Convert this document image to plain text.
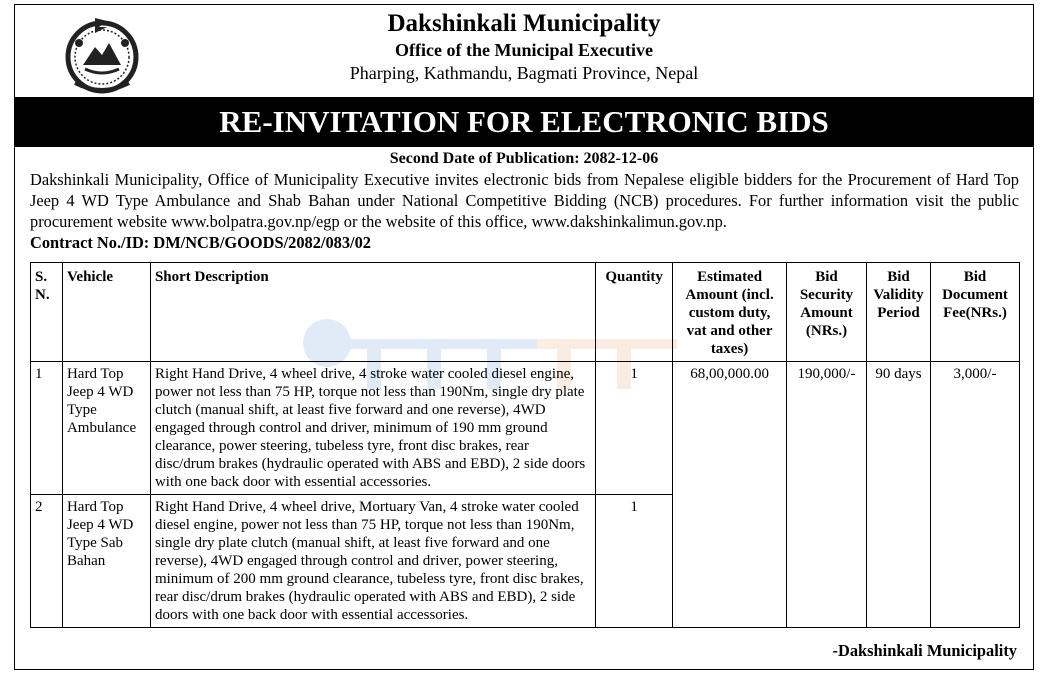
Dakshinkali Municipality
Office of the Municipal Executive
Pharping, Kathmandu, Bagmati Province, Nepal
RE-INVITATION FOR ELECTRONIC BIDS
Second Date of Publication: 2082-12-06
Dakshinkali Municipality, Office of Municipality Executive invites electronic bids from Nepalese eligible bidders for the Procurement of Hard Top Jeep 4 WD Type Ambulance and Shab Bahan under National Competitive Bidding (NCB) procedures. For further information visit the public procurement website www.bolpatra.gov.np/egp or the website of this office, www.dakshinkalimun.gov.np.
Contract No./ID: DM/NCB/GOODS/2082/083/02
S. N.	Vehicle	Short Description	Quantity	Estimated Amount (incl. custom duty, vat and other taxes)	Bid Security Amount (NRs.)	Bid Validity Period	Bid Document Fee(NRs.)
1	Hard Top Jeep 4 WD Type Ambulance	Right Hand Drive, 4 wheel drive, 4 stroke water cooled diesel engine, power not less than 75 HP, torque not less than 190Nm, single dry plate clutch (manual shift, at least five forward and one reverse), 4WD engaged through control and driver, minimum of 190 mm ground clearance, power steering, tubeless tyre, front disc brakes, rear disc/drum brakes (hydraulic operated with ABS and EBD), 2 side doors with one back door with essential accessories.	1	68,00,000.00	190,000/-	90 days	3,000/-
2	Hard Top Jeep 4 WD Type Sab Bahan	Right Hand Drive, 4 wheel drive, Mortuary Van, 4 stroke water cooled diesel engine, power not less than 75 HP, torque not less than 190Nm, single dry plate clutch (manual shift, at least five forward and one reverse), 4WD engaged through control and driver, power steering, minimum of 200 mm ground clearance, tubeless tyre, front disc brakes, rear disc/drum brakes (hydraulic operated with ABS and EBD), 2 side doors with one back door with essential accessories.	1				
-Dakshinkali Municipality
